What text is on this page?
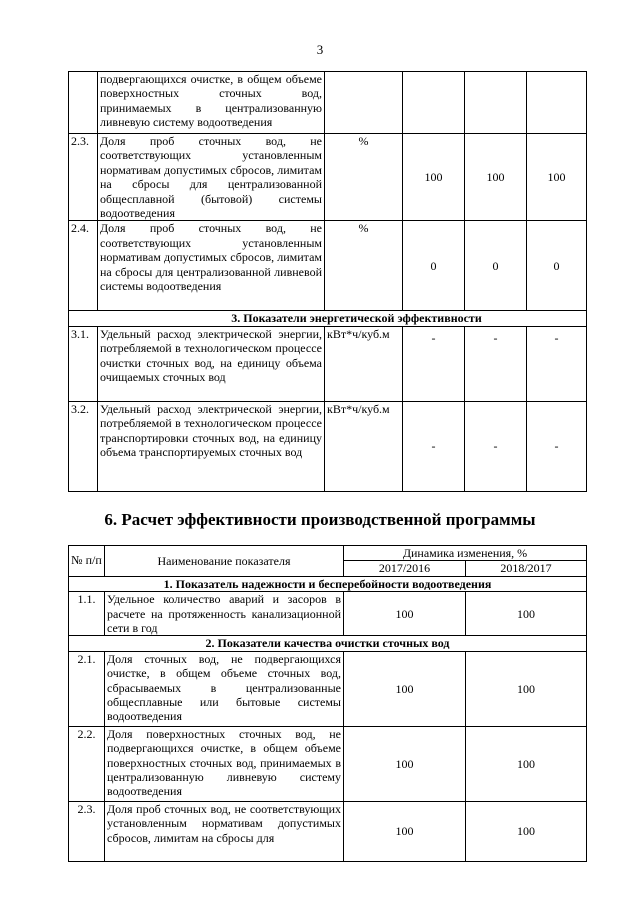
3
	подвергающихся очистке, в общем объеме поверхностных сточных вод, принимаемых в централизованную ливневую систему водоотведения				
2.3.	Доля проб сточных вод, не соответствующих установленным нормативам допустимых сбросов, лимитам на сбросы для централизованной общесплавной (бытовой) системы водоотведения	%	100	100	100
2.4.	Доля проб сточных вод, не соответствующих установленным нормативам допустимых сбросов, лимитам на сбросы для централизованной ливневой системы водоотведения	%	0	0	0
3. Показатели энергетической эффективности					
3.1.	Удельный расход электрической энергии, потребляемой в технологическом процессе очистки сточных вод, на единицу объема очищаемых сточных вод	кВт*ч/куб.м	-	-	-
3.2.	Удельный расход электрической энергии, потребляемой в технологическом процессе транспортировки сточных вод, на единицу объема транспортируемых сточных вод	кВт*ч/куб.м	-	-	-
6. Расчет эффективности производственной программы
№ п/п	Наименование показателя	Динамика изменения, %	
		2017/2016	2018/2017
1. Показатель надежности и бесперебойности водоотведения			
1.1.	Удельное количество аварий и засоров в расчете на протяженность канализационной сети в год	100	100
2. Показатели качества очистки сточных вод			
2.1.	Доля сточных вод, не подвергающихся очистке, в общем объеме сточных вод, сбрасываемых в централизованные общесплавные или бытовые системы водоотведения	100	100
2.2.	Доля поверхностных сточных вод, не подвергающихся очистке, в общем объеме поверхностных сточных вод, принимаемых в централизованную ливневую систему водоотведения	100	100
2.3.	Доля проб сточных вод, не соответствующих установленным нормативам допустимых сбросов, лимитам на сбросы для	100	100
